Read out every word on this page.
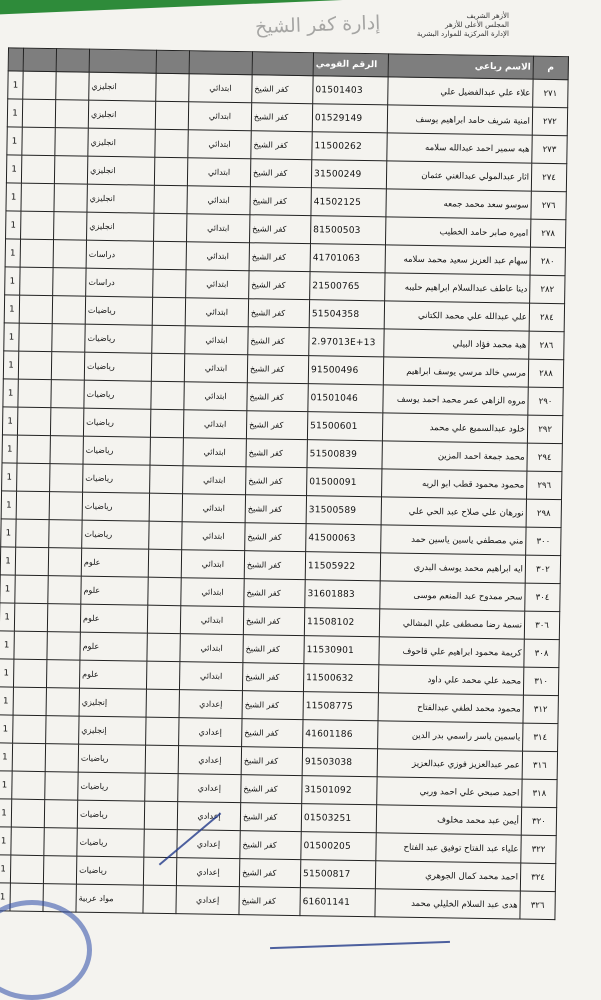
الأزهر الشريف
المجلس الأعلى للأزهر
الإدارة المركزية للموارد البشرية
إدارة كفر الشيخ
م	الاسم رباعي	الرقم القومي							
٢٧١	علاء علي عبدالفضيل علي	01501403	كفر الشيخ	ابتدائي		انجليزي			1
٢٧٢	امنية شريف حامد ابراهيم يوسف	01529149	كفر الشيخ	ابتدائي		انجليزي			1
٢٧٣	هبه سمير احمد عبدالله سلامه	11500262	كفر الشيخ	ابتدائي		انجليزي			1
٢٧٤	اثار عبدالمولي عبدالغني عثمان	31500249	كفر الشيخ	ابتدائي		انجليزي			1
٢٧٦	سوسو سعد محمد جمعه	41502125	كفر الشيخ	ابتدائي		انجليزي			1
٢٧٨	اميره صابر حامد الخطيب	81500503	كفر الشيخ	ابتدائي		انجليزي			1
٢٨٠	سهام عبد العزيز سعيد محمد سلامه	41701063	كفر الشيخ	ابتدائي		دراسات			1
٢٨٢	دينا عاطف عبدالسلام ابراهيم حليبه	21500765	كفر الشيخ	ابتدائي		دراسات			1
٢٨٤	علي عبدالله علي محمد الكتاني	51504358	كفر الشيخ	ابتدائي		رياضيات			1
٢٨٦	هبة محمد فؤاد البيلي	2.97013E+13	كفر الشيخ	ابتدائي		رياضيات			1
٢٨٨	مرسي خالد مرسي يوسف ابراهيم	91500496	كفر الشيخ	ابتدائي		رياضيات			1
٢٩٠	مروه الزاهي عمر محمد احمد يوسف	01501046	كفر الشيخ	ابتدائي		رياضيات			1
٢٩٢	خلود عبدالسميع علي محمد	51500601	كفر الشيخ	ابتدائي		رياضيات			1
٢٩٤	محمد جمعة احمد المزين	51500839	كفر الشيخ	ابتدائي		رياضيات			1
٢٩٦	محمود محمود قطب ابو الريه	01500091	كفر الشيخ	ابتدائي		رياضيات			1
٢٩٨	نورهان علي صلاح عبد الحي علي	31500589	كفر الشيخ	ابتدائي		رياضيات			1
٣٠٠	مني مصطفي ياسين ياسين حمد	41500063	كفر الشيخ	ابتدائي		رياضيات			1
٣٠٢	ايه ابراهيم محمد يوسف البدري	11505922	كفر الشيخ	ابتدائي		علوم			1
٣٠٤	سحر ممدوح عبد المنعم موسى	31601883	كفر الشيخ	ابتدائي		علوم			1
٣٠٦	نسمة رضا مصطفى علي المشالي	11508102	كفر الشيخ	ابتدائي		علوم			1
٣٠٨	كريمة محمود ابراهيم علي قاحوف	11530901	كفر الشيخ	ابتدائي		علوم			1
٣١٠	محمد علي محمد علي داود	11500632	كفر الشيخ	ابتدائي		علوم			1
٣١٢	محمود محمد لطفي عبدالفتاح	11508775	كفر الشيخ	إعدادي		إنجليزي			1
٣١٤	ياسمين ياسر راسمي بدر الدين	41601186	كفر الشيخ	إعدادي		إنجليزي			1
٣١٦	عمر عبدالعزيز فوزي عبدالعزيز	91503038	كفر الشيخ	إعدادي		رياضيات			1
٣١٨	احمد صبحي علي احمد وربي	31501092	كفر الشيخ	إعدادي		رياضيات			1
٣٢٠	أيمن عبد محمد مخلوف	01503251	كفر الشيخ	إعدادي		رياضيات			1
٣٢٢	علياء عبد الفتاح توفيق عبد الفتاح	01500205	كفر الشيخ	إعدادي		رياضيات			1
٣٢٤	احمد محمد كمال الجوهري	51500817	كفر الشيخ	إعدادي		رياضيات			1
٣٢٦	هدى عبد السلام الخليلي محمد	61601141	كفر الشيخ	إعدادي		مواد عربية			1
